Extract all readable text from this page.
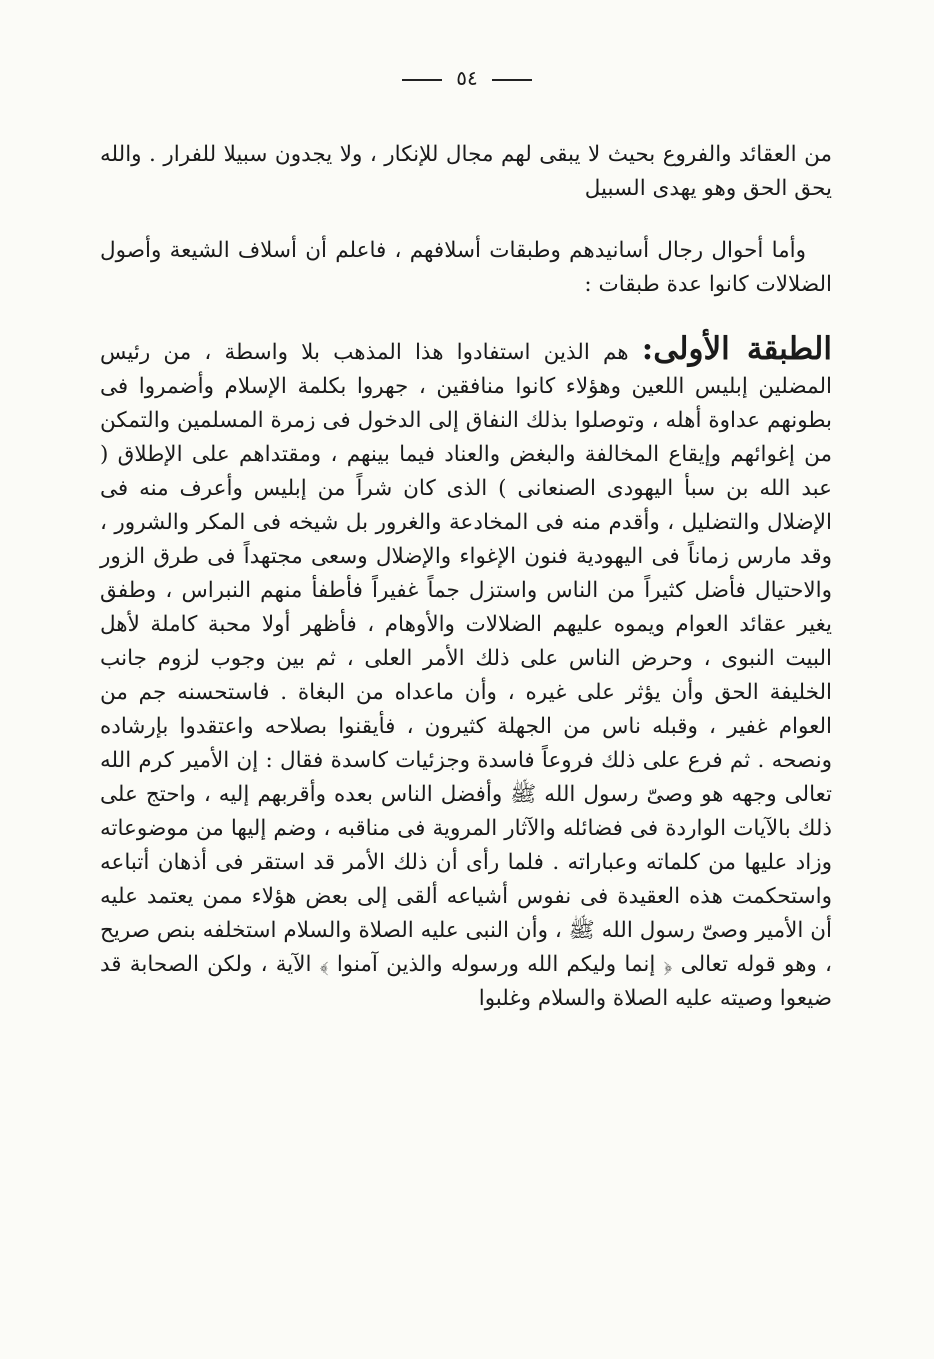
٥٤

من العقائد والفروع بحيث لا يبقى لهم مجال للإنكار ، ولا يجدون سبيلا للفرار . والله يحق الحق وهو يهدى السبيل

وأما أحوال رجال أسانيدهم وطبقات أسلافهم ، فاعلم أن أسلاف الشيعة وأصول الضلالات كانوا عدة طبقات :

الطبقة الأولى: هم الذين استفادوا هذا المذهب بلا واسطة ، من رئيس المضلين إبليس اللعين وهؤلاء كانوا منافقين ، جهروا بكلمة الإسلام وأضمروا فى بطونهم عداوة أهله ، وتوصلوا بذلك النفاق إلى الدخول فى زمرة المسلمين والتمكن من إغوائهم وإيقاع المخالفة والبغض والعناد فيما بينهم ، ومقتداهم على الإطلاق ( عبد الله بن سبأ اليهودى الصنعانى ) الذى كان شراً من إبليس وأعرف منه فى الإضلال والتضليل ، وأقدم منه فى المخادعة والغرور بل شيخه فى المكر والشرور ، وقد مارس زماناً فى اليهودية فنون الإغواء والإضلال وسعى مجتهداً فى طرق الزور والاحتيال فأضل كثيراً من الناس واستزل جماً غفيراً فأطفأ منهم النبراس ، وطفق يغير عقائد العوام ويموه عليهم الضلالات والأوهام ، فأظهر أولا محبة كاملة لأهل البيت النبوى ، وحرض الناس على ذلك الأمر العلى ، ثم بين وجوب لزوم جانب الخليفة الحق وأن يؤثر على غيره ، وأن ماعداه من البغاة . فاستحسنه جم من العوام غفير ، وقبله ناس من الجهلة كثيرون ، فأيقنوا بصلاحه واعتقدوا بإرشاده ونصحه . ثم فرع على ذلك فروعاً فاسدة وجزئيات كاسدة فقال : إن الأمير كرم الله تعالى وجهه هو وصىّ رسول الله ﷺ وأفضل الناس بعده وأقربهم إليه ، واحتج على ذلك بالآيات الواردة فى فضائله والآثار المروية فى مناقبه ، وضم إليها من موضوعاته وزاد عليها من كلماته وعباراته . فلما رأى أن ذلك الأمر قد استقر فى أذهان أتباعه واستحكمت هذه العقيدة فى نفوس أشياعه ألقى إلى بعض هؤلاء ممن يعتمد عليه أن الأمير وصىّ رسول الله ﷺ ، وأن النبى عليه الصلاة والسلام استخلفه بنص صريح ، وهو قوله تعالى ﴿ إنما وليكم الله ورسوله والذين آمنوا ﴾ الآية ، ولكن الصحابة قد ضيعوا وصيته عليه الصلاة والسلام وغلبوا
